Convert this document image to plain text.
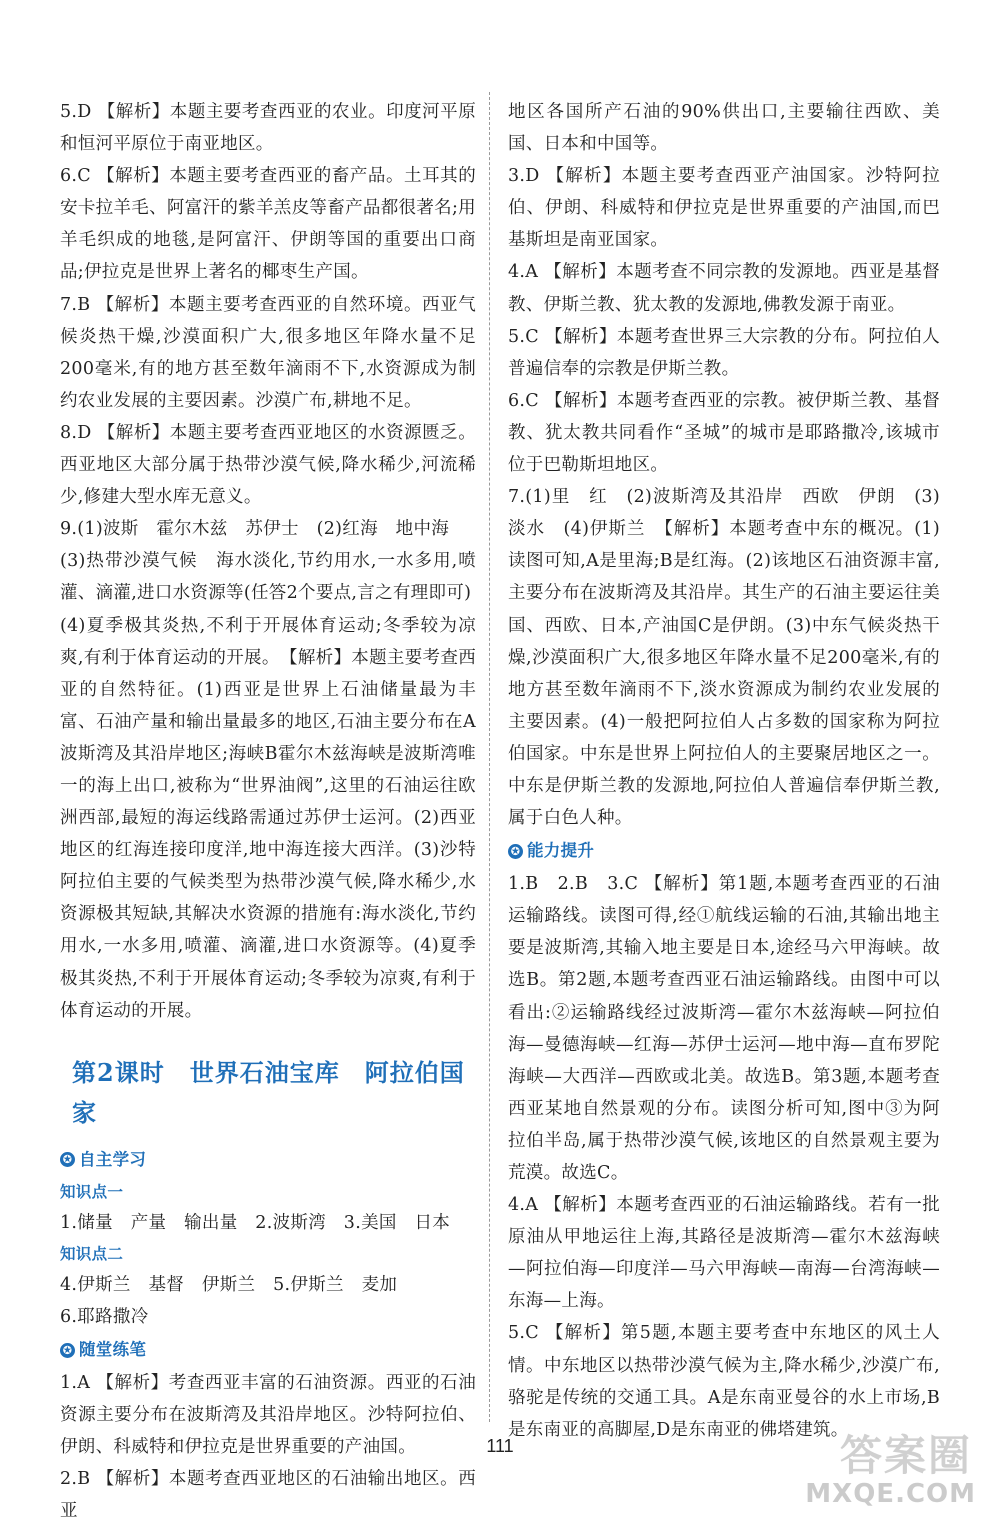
5.D 【解析】本题主要考查西亚的农业。印度河平原和恒河平原位于南亚地区。

6.C 【解析】本题主要考查西亚的畜产品。土耳其的安卡拉羊毛、阿富汗的紫羊羔皮等畜产品都很著名;用羊毛织成的地毯,是阿富汗、伊朗等国的重要出口商品;伊拉克是世界上著名的椰枣生产国。

7.B 【解析】本题主要考查西亚的自然环境。西亚气候炎热干燥,沙漠面积广大,很多地区年降水量不足200毫米,有的地方甚至数年滴雨不下,水资源成为制约农业发展的主要因素。沙漠广布,耕地不足。

8.D 【解析】本题主要考查西亚地区的水资源匮乏。西亚地区大部分属于热带沙漠气候,降水稀少,河流稀少,修建大型水库无意义。

9.(1)波斯　霍尔木兹　苏伊士　(2)红海　地中海

(3)热带沙漠气候　海水淡化,节约用水,一水多用,喷灌、滴灌,进口水资源等(任答2个要点,言之有理即可)

(4)夏季极其炎热,不利于开展体育运动;冬季较为凉爽,有利于体育运动的开展。　【解析】本题主要考查西亚的自然特征。(1)西亚是世界上石油储量最为丰富、石油产量和输出量最多的地区,石油主要分布在A波斯湾及其沿岸地区;海峡B霍尔木兹海峡是波斯湾唯一的海上出口,被称为“世界油阀”,这里的石油运往欧洲西部,最短的海运线路需通过苏伊士运河。(2)西亚地区的红海连接印度洋,地中海连接大西洋。(3)沙特阿拉伯主要的气候类型为热带沙漠气候,降水稀少,水资源极其短缺,其解决水资源的措施有:海水淡化,节约用水,一水多用,喷灌、滴灌,进口水资源等。(4)夏季极其炎热,不利于开展体育运动;冬季较为凉爽,有利于体育运动的开展。

第2课时　世界石油宝库　阿拉伯国家
✪ 自主学习
知识点一

1.储量　产量　输出量　2.波斯湾　3.美国　日本

知识点二

4.伊斯兰　基督　伊斯兰　5.伊斯兰　麦加

6.耶路撒冷

✪ 随堂练笔

1.A 【解析】考查西亚丰富的石油资源。西亚的石油资源主要分布在波斯湾及其沿岸地区。沙特阿拉伯、伊朗、科威特和伊拉克是世界重要的产油国。

2.B 【解析】本题考查西亚地区的石油输出地区。西亚

地区各国所产石油的90%供出口,主要输往西欧、美国、日本和中国等。

3.D 【解析】本题主要考查西亚产油国家。沙特阿拉伯、伊朗、科威特和伊拉克是世界重要的产油国,而巴基斯坦是南亚国家。

4.A 【解析】本题考查不同宗教的发源地。西亚是基督教、伊斯兰教、犹太教的发源地,佛教发源于南亚。

5.C 【解析】本题考查世界三大宗教的分布。阿拉伯人普遍信奉的宗教是伊斯兰教。

6.C 【解析】本题考查西亚的宗教。被伊斯兰教、基督教、犹太教共同看作“圣城”的城市是耶路撒冷,该城市位于巴勒斯坦地区。

7.(1)里　红　(2)波斯湾及其沿岸　西欧　伊朗　(3)淡水　(4)伊斯兰　【解析】本题考查中东的概况。(1)读图可知,A是里海;B是红海。(2)该地区石油资源丰富,主要分布在波斯湾及其沿岸。其生产的石油主要运往美国、西欧、日本,产油国C是伊朗。(3)中东气候炎热干燥,沙漠面积广大,很多地区年降水量不足200毫米,有的地方甚至数年滴雨不下,淡水资源成为制约农业发展的主要因素。(4)一般把阿拉伯人占多数的国家称为阿拉伯国家。中东是世界上阿拉伯人的主要聚居地区之一。中东是伊斯兰教的发源地,阿拉伯人普遍信奉伊斯兰教,属于白色人种。

✪ 能力提升

1.B　2.B　3.C 【解析】第1题,本题考查西亚的石油运输路线。读图可得,经①航线运输的石油,其输出地主要是波斯湾,其输入地主要是日本,途经马六甲海峡。故选B。第2题,本题考查西亚石油运输路线。由图中可以看出:②运输路线经过波斯湾—霍尔木兹海峡—阿拉伯海—曼德海峡—红海—苏伊士运河—地中海—直布罗陀海峡—大西洋—西欧或北美。故选B。第3题,本题考查西亚某地自然景观的分布。读图分析可知,图中③为阿拉伯半岛,属于热带沙漠气候,该地区的自然景观主要为荒漠。故选C。

4.A 【解析】本题考查西亚的石油运输路线。若有一批原油从甲地运往上海,其路径是波斯湾—霍尔木兹海峡—阿拉伯海—印度洋—马六甲海峡—南海—台湾海峡—东海—上海。

5.C 【解析】第5题,本题主要考查中东地区的风土人情。中东地区以热带沙漠气候为主,降水稀少,沙漠广布,骆驼是传统的交通工具。A是东南亚曼谷的水上市场,B是东南亚的高脚屋,D是东南亚的佛塔建筑。

111	答案圈
MXQE.COM
